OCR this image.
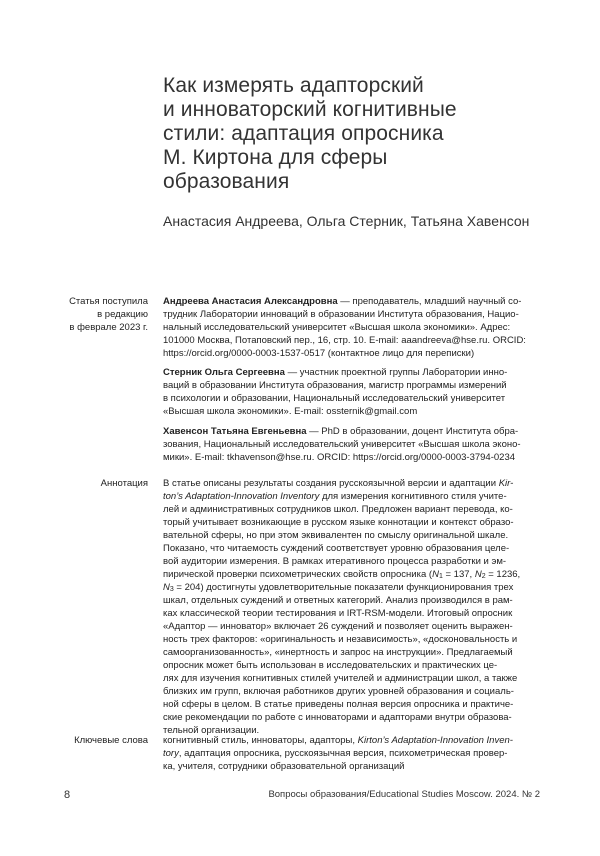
Как измерять адапторский
и инноваторский когнитивные
стили: адаптация опросника
М. Киртона для сферы
образования
Анастасия Андреева, Ольга Стерник, Татьяна Хавенсон
Статья поступила
в редакцию
в феврале 2023 г.
Андреева Анастасия Александровна — преподаватель, младший научный со-
трудник Лаборатории инноваций в образовании Института образования, Нацио-
нальный исследовательский университет «Высшая школа экономики». Адрес:
101000 Москва, Потаповский пер., 16, стр. 10. E-mail: aaandreeva@hse.ru. ORCID:
https://orcid.org/0000-0003-1537-0517 (контактное лицо для переписки)
Стерник Ольга Сергеевна — участник проектной группы Лаборатории инно-
ваций в образовании Института образования, магистр программы измерений
в психологии и образовании, Национальный исследовательский университет
«Высшая школа экономики». E-mail: ossternik@gmail.com
Хавенсон Татьяна Евгеньевна — PhD в образовании, доцент Института обра-
зования, Национальный исследовательский университет «Высшая школа эконо-
мики». E-mail: tkhavenson@hse.ru. ORCID: https://orcid.org/0000-0003-3794-0234
Аннотация В статье описаны результаты создания русскоязычной версии и адаптации Kir-
ton’s Adaptation-Innovation Inventory для измерения когнитивного стиля учите-
лей и административных сотрудников школ. Предложен вариант перевода, ко-
торый учитывает возникающие в русском языке коннотации и контекст образо-
вательной сферы, но при этом эквивалентен по смыслу оригинальной шкале.
Показано, что читаемость суждений соответствует уровню образования целе-
вой аудитории измерения. В рамках итеративного процесса разработки и эм-
пирической проверки психометрических свойств опросника ($N_1 = 137$, $N_2 = 1236$,
$N_3 = 204$) достигнуты удовлетворительные показатели функционирования трех
шкал, отдельных суждений и ответных категорий. Анализ производился в рам-
ках классической теории тестирования и IRT-RSM-модели. Итоговый опросник
«Адаптор — инноватор» включает 26 суждений и позволяет оценить выражен-
ность трех факторов: «оригинальность и независимость», «досконовальность и
самоорганизованность», «инертность и запрос на инструкции». Предлагаемый
опросник может быть использован в исследовательских и практических це-
лях для изучения когнитивных стилей учителей и администрации школ, а также
близких им групп, включая работников других уровней образования и социаль-
ной сферы в целом. В статье приведены полная версия опросника и практиче-
ские рекомендации по работе с инноваторами и адапторами внутри образова-
тельной организации.
Ключевые слова когнитивный стиль, инноваторы, адапторы, Kirton’s Adaptation-Innovation Inven-
tory, адаптация опросника, русскоязычная версия, психометрическая провер-
ка, учителя, сотрудники образовательной организаций
8	Вопросы образования/Educational Studies Moscow. 2024. № 2
